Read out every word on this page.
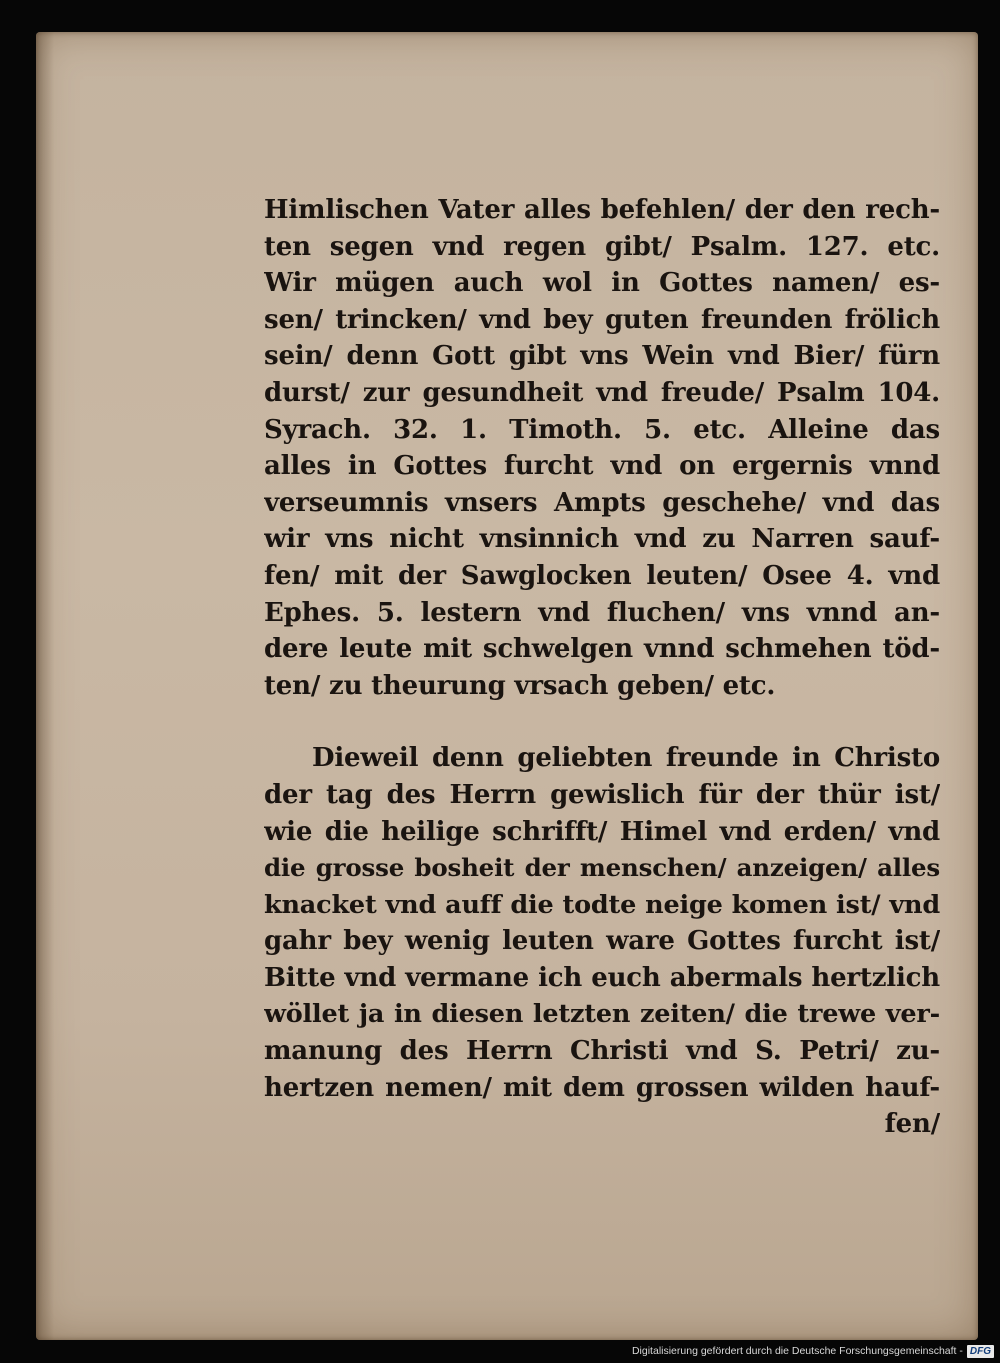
Himlischen Vater alles befehlen/ der den rech-
ten segen vnd regen gibt/ Psalm. 127. etc.
Wir mügen auch wol in Gottes namen/ es-
sen/ trincken/ vnd bey guten freunden frölich
sein/ denn Gott gibt vns Wein vnd Bier/ fürn
durst/ zur gesundheit vnd freude/ Psalm 104.
Syrach. 32. 1. Timoth. 5. etc. Alleine das
alles in Gottes furcht vnd on ergernis vnnd
verseumnis vnsers Ampts geschehe/ vnd das
wir vns nicht vnsinnich vnd zu Narren sauf-
fen/ mit der Sawglocken leuten/ Osee 4. vnd
Ephes. 5. lestern vnd fluchen/ vns vnnd an-
dere leute mit schwelgen vnnd schmehen töd-
ten/ zu theurung vrsach geben/ etc.
Dieweil denn geliebten freunde in Christo
der tag des Herrn gewislich für der thür ist/
wie die heilige schrifft/ Himel vnd erden/ vnd
die grosse bosheit der menschen/ anzeigen/ alles
knacket vnd auff die todte neige komen ist/ vnd
gahr bey wenig leuten ware Gottes furcht ist/
Bitte vnd vermane ich euch abermals hertzlich
wöllet ja in diesen letzten zeiten/ die trewe ver-
manung des Herrn Christi vnd S. Petri/ zu-
hertzen nemen/ mit dem grossen wilden hauf-
fen/
Digitalisierung gefördert durch die Deutsche Forschungsgemeinschaft - DFG
